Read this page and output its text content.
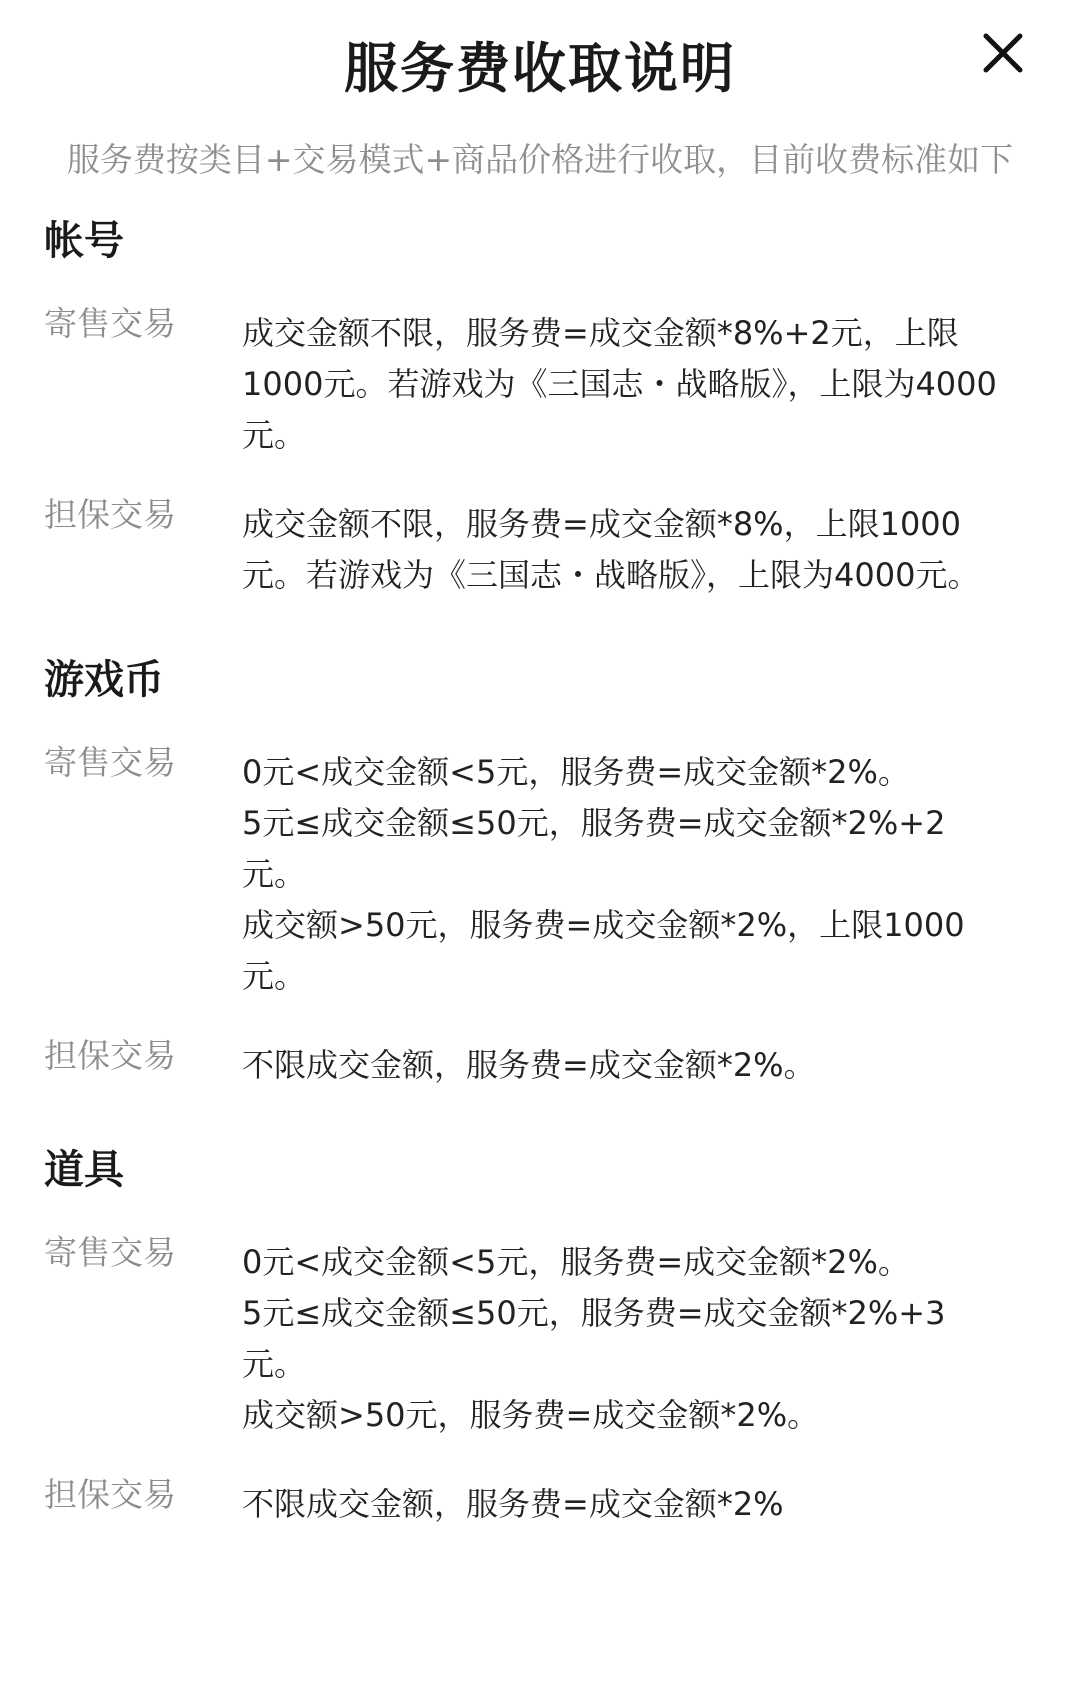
服务费收取说明
服务费按类目+交易模式+商品价格进行收取，目前收费标准如下
帐号
寄售交易	成交金额不限，服务费=成交金额*8%+2元，上限1000元。若游戏为《三国志・战略版》，上限为4000元。
担保交易	成交金额不限，服务费=成交金额*8%，上限1000元。若游戏为《三国志・战略版》，上限为4000元。
游戏币
寄售交易	0元<成交金额<5元，服务费=成交金额*2%。
5元≤成交金额≤50元，服务费=成交金额*2%+2元。
成交额>50元，服务费=成交金额*2%，上限1000元。
担保交易	不限成交金额，服务费=成交金额*2%。
道具
寄售交易	0元<成交金额<5元，服务费=成交金额*2%。
5元≤成交金额≤50元，服务费=成交金额*2%+3元。
成交额>50元，服务费=成交金额*2%。
担保交易	不限成交金额，服务费=成交金额*2%
